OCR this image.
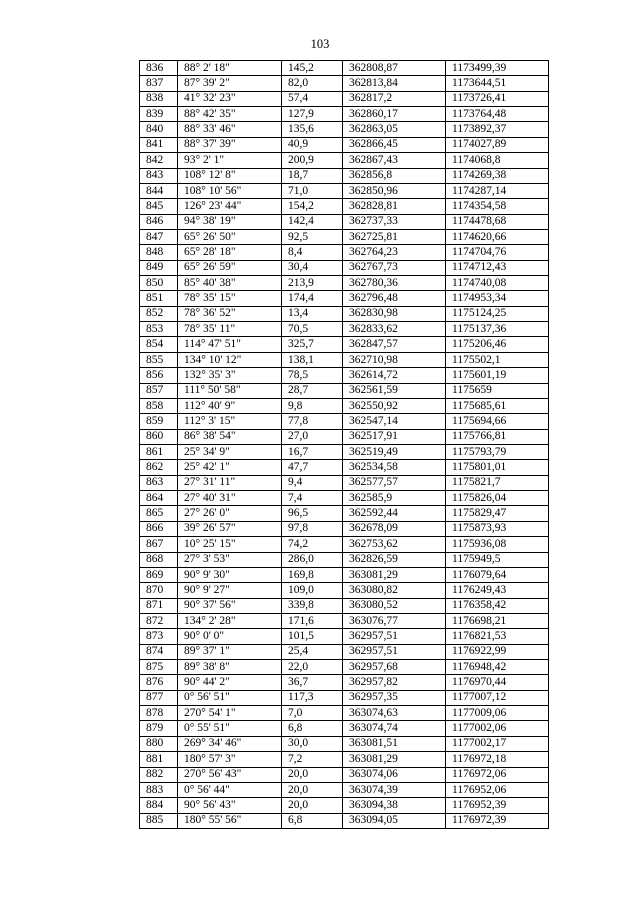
103
836	88° 2' 18"	145,2	362808,87	1173499,39
837	87° 39' 2"	82,0	362813,84	1173644,51
838	41° 32' 23"	57,4	362817,2	1173726,41
839	88° 42' 35"	127,9	362860,17	1173764,48
840	88° 33' 46"	135,6	362863,05	1173892,37
841	88° 37' 39"	40,9	362866,45	1174027,89
842	93° 2' 1"	200,9	362867,43	1174068,8
843	108° 12' 8"	18,7	362856,8	1174269,38
844	108° 10' 56"	71,0	362850,96	1174287,14
845	126° 23' 44"	154,2	362828,81	1174354,58
846	94° 38' 19"	142,4	362737,33	1174478,68
847	65° 26' 50"	92,5	362725,81	1174620,66
848	65° 28' 18"	8,4	362764,23	1174704,76
849	65° 26' 59"	30,4	362767,73	1174712,43
850	85° 40' 38"	213,9	362780,36	1174740,08
851	78° 35' 15"	174,4	362796,48	1174953,34
852	78° 36' 52"	13,4	362830,98	1175124,25
853	78° 35' 11"	70,5	362833,62	1175137,36
854	114° 47' 51"	325,7	362847,57	1175206,46
855	134° 10' 12"	138,1	362710,98	1175502,1
856	132° 35' 3"	78,5	362614,72	1175601,19
857	111° 50' 58"	28,7	362561,59	1175659
858	112° 40' 9"	9,8	362550,92	1175685,61
859	112° 3' 15"	77,8	362547,14	1175694,66
860	86° 38' 54"	27,0	362517,91	1175766,81
861	25° 34' 9"	16,7	362519,49	1175793,79
862	25° 42' 1"	47,7	362534,58	1175801,01
863	27° 31' 11"	9,4	362577,57	1175821,7
864	27° 40' 31"	7,4	362585,9	1175826,04
865	27° 26' 0"	96,5	362592,44	1175829,47
866	39° 26' 57"	97,8	362678,09	1175873,93
867	10° 25' 15"	74,2	362753,62	1175936,08
868	27° 3' 53"	286,0	362826,59	1175949,5
869	90° 9' 30"	169,8	363081,29	1176079,64
870	90° 9' 27"	109,0	363080,82	1176249,43
871	90° 37' 56"	339,8	363080,52	1176358,42
872	134° 2' 28"	171,6	363076,77	1176698,21
873	90° 0' 0"	101,5	362957,51	1176821,53
874	89° 37' 1"	25,4	362957,51	1176922,99
875	89° 38' 8"	22,0	362957,68	1176948,42
876	90° 44' 2"	36,7	362957,82	1176970,44
877	0° 56' 51"	117,3	362957,35	1177007,12
878	270° 54' 1"	7,0	363074,63	1177009,06
879	0° 55' 51"	6,8	363074,74	1177002,06
880	269° 34' 46"	30,0	363081,51	1177002,17
881	180° 57' 3"	7,2	363081,29	1176972,18
882	270° 56' 43"	20,0	363074,06	1176972,06
883	0° 56' 44"	20,0	363074,39	1176952,06
884	90° 56' 43"	20,0	363094,38	1176952,39
885	180° 55' 56"	6,8	363094,05	1176972,39
